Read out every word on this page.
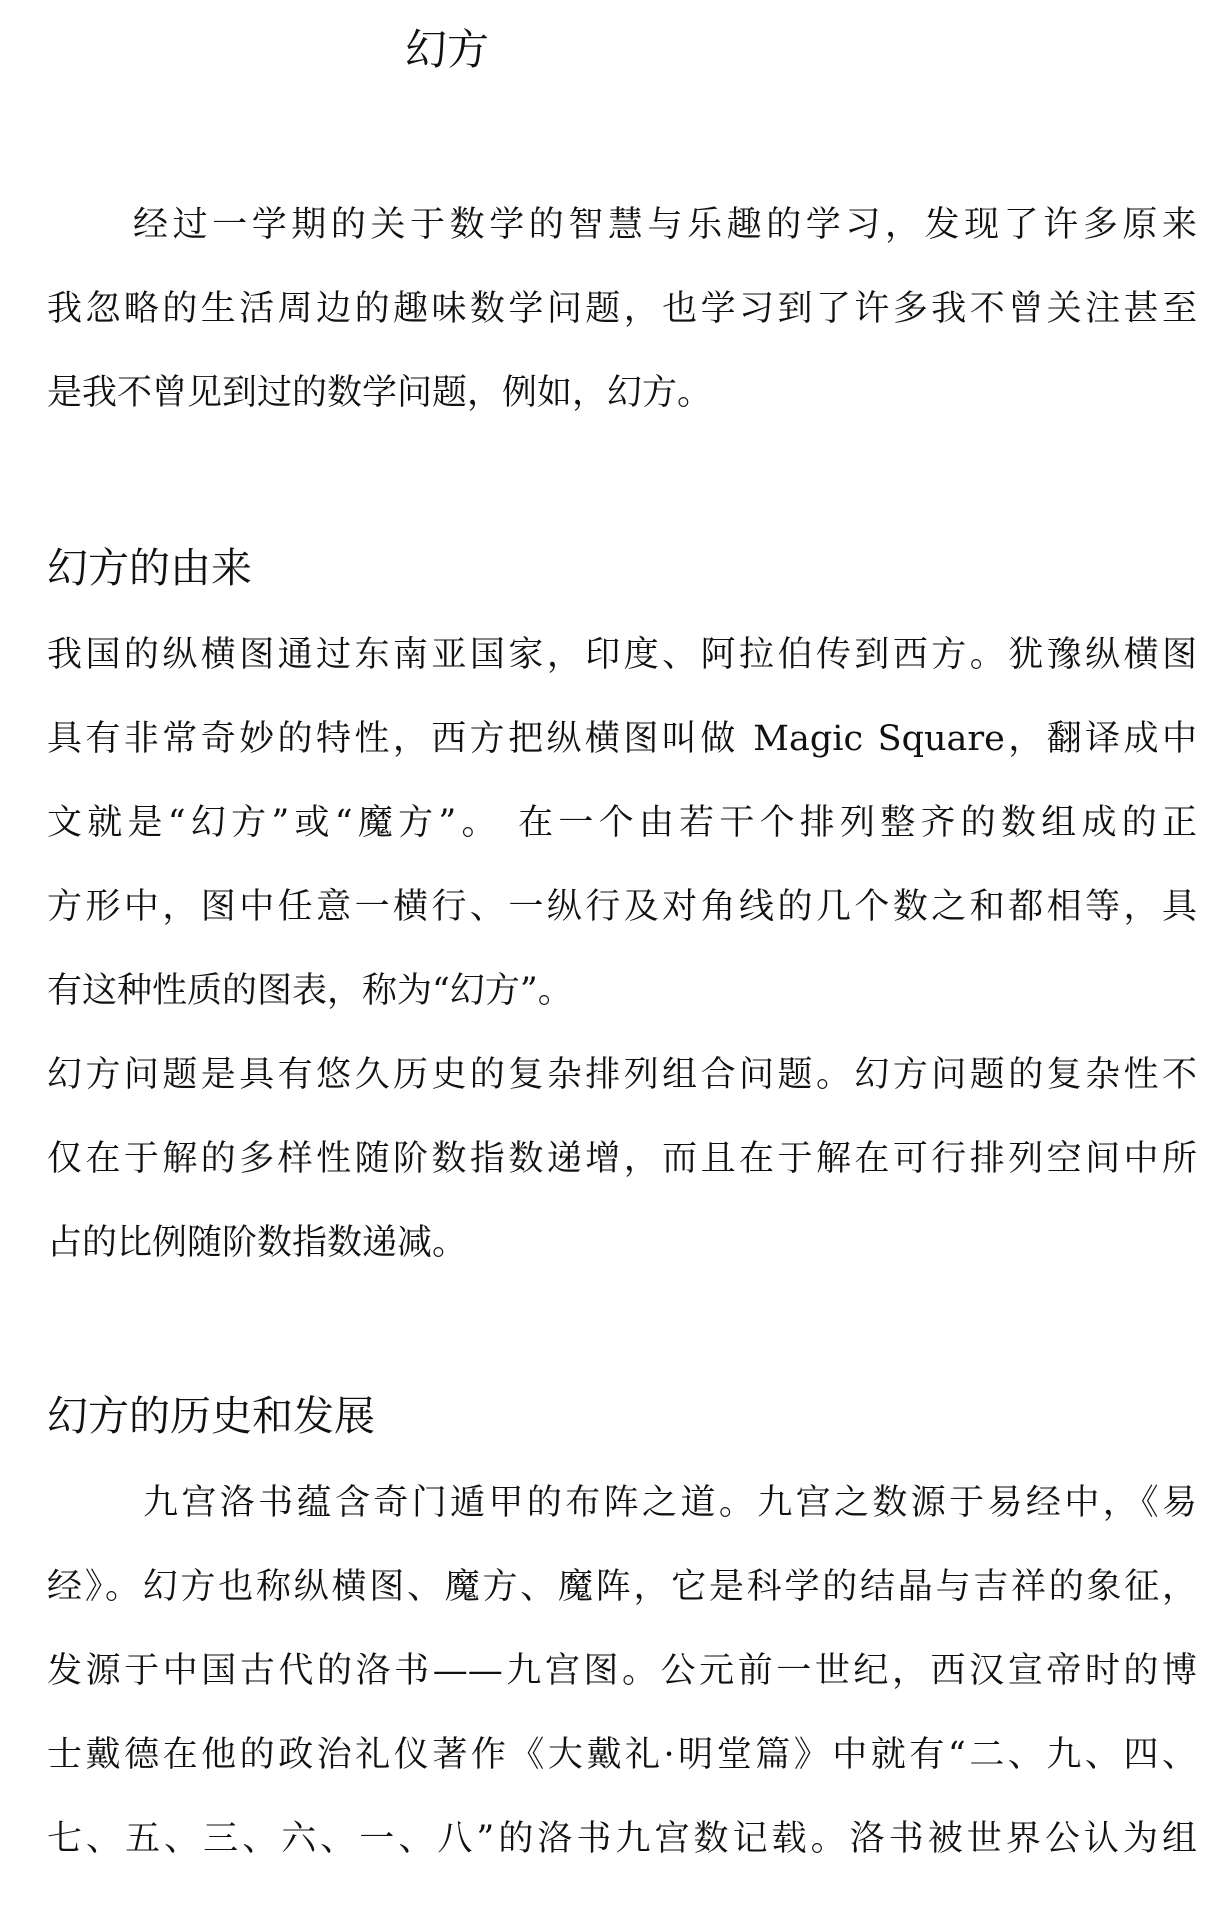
幻方
经过一学期的关于数学的智慧与乐趣的学习，发现了许多原来
我忽略的生活周边的趣味数学问题，也学习到了许多我不曾关注甚至
是我不曾见到过的数学问题，例如，幻方。
幻方的由来
我国的纵横图通过东南亚国家，印度、阿拉伯传到西方。犹豫纵横图
具有非常奇妙的特性，西方把纵横图叫做 Magic Square，翻译成中
文就是“幻方”或“魔方”。 在一个由若干个排列整齐的数组成的正
方形中，图中任意一横行、一纵行及对角线的几个数之和都相等，具
有这种性质的图表，称为“幻方”。
幻方问题是具有悠久历史的复杂排列组合问题。幻方问题的复杂性不
仅在于解的多样性随阶数指数递增，而且在于解在可行排列空间中所
占的比例随阶数指数递减。
幻方的历史和发展
九宫洛书蕴含奇门遁甲的布阵之道。九宫之数源于易经中，《易
经》。幻方也称纵横图、魔方、魔阵，它是科学的结晶与吉祥的象征，
发源于中国古代的洛书——九宫图。公元前一世纪，西汉宣帝时的博
士戴德在他的政治礼仪著作《大戴礼·明堂篇》中就有“二、九、四、
七、五、三、六、一、八”的洛书九宫数记载。洛书被世界公认为组
